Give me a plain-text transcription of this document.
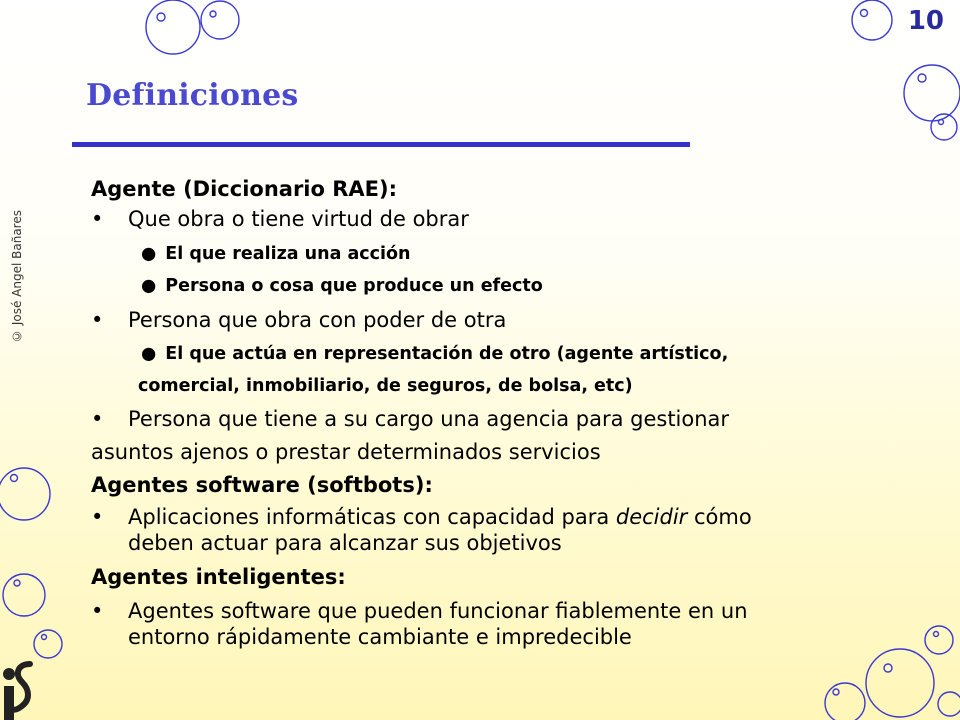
© José Angel Bañares
10
Definiciones
Agente (Diccionario RAE):
•	Que obra o tiene virtud de obrar
● El que realiza una acción
● Persona o cosa que produce un efecto
•	Persona que obra con poder de otra
● El que actúa en representación de otro (agente artístico,
comercial, inmobiliario, de seguros, de bolsa, etc)
•	Persona que tiene a su cargo una agencia para gestionar
asuntos ajenos o prestar determinados servicios
Agentes software (softbots):
•	Aplicaciones informáticas con capacidad para decidir cómo
deben actuar para alcanzar sus objetivos
Agentes inteligentes:
•	Agentes software que pueden funcionar fiablemente en un
entorno rápidamente cambiante e impredecible
